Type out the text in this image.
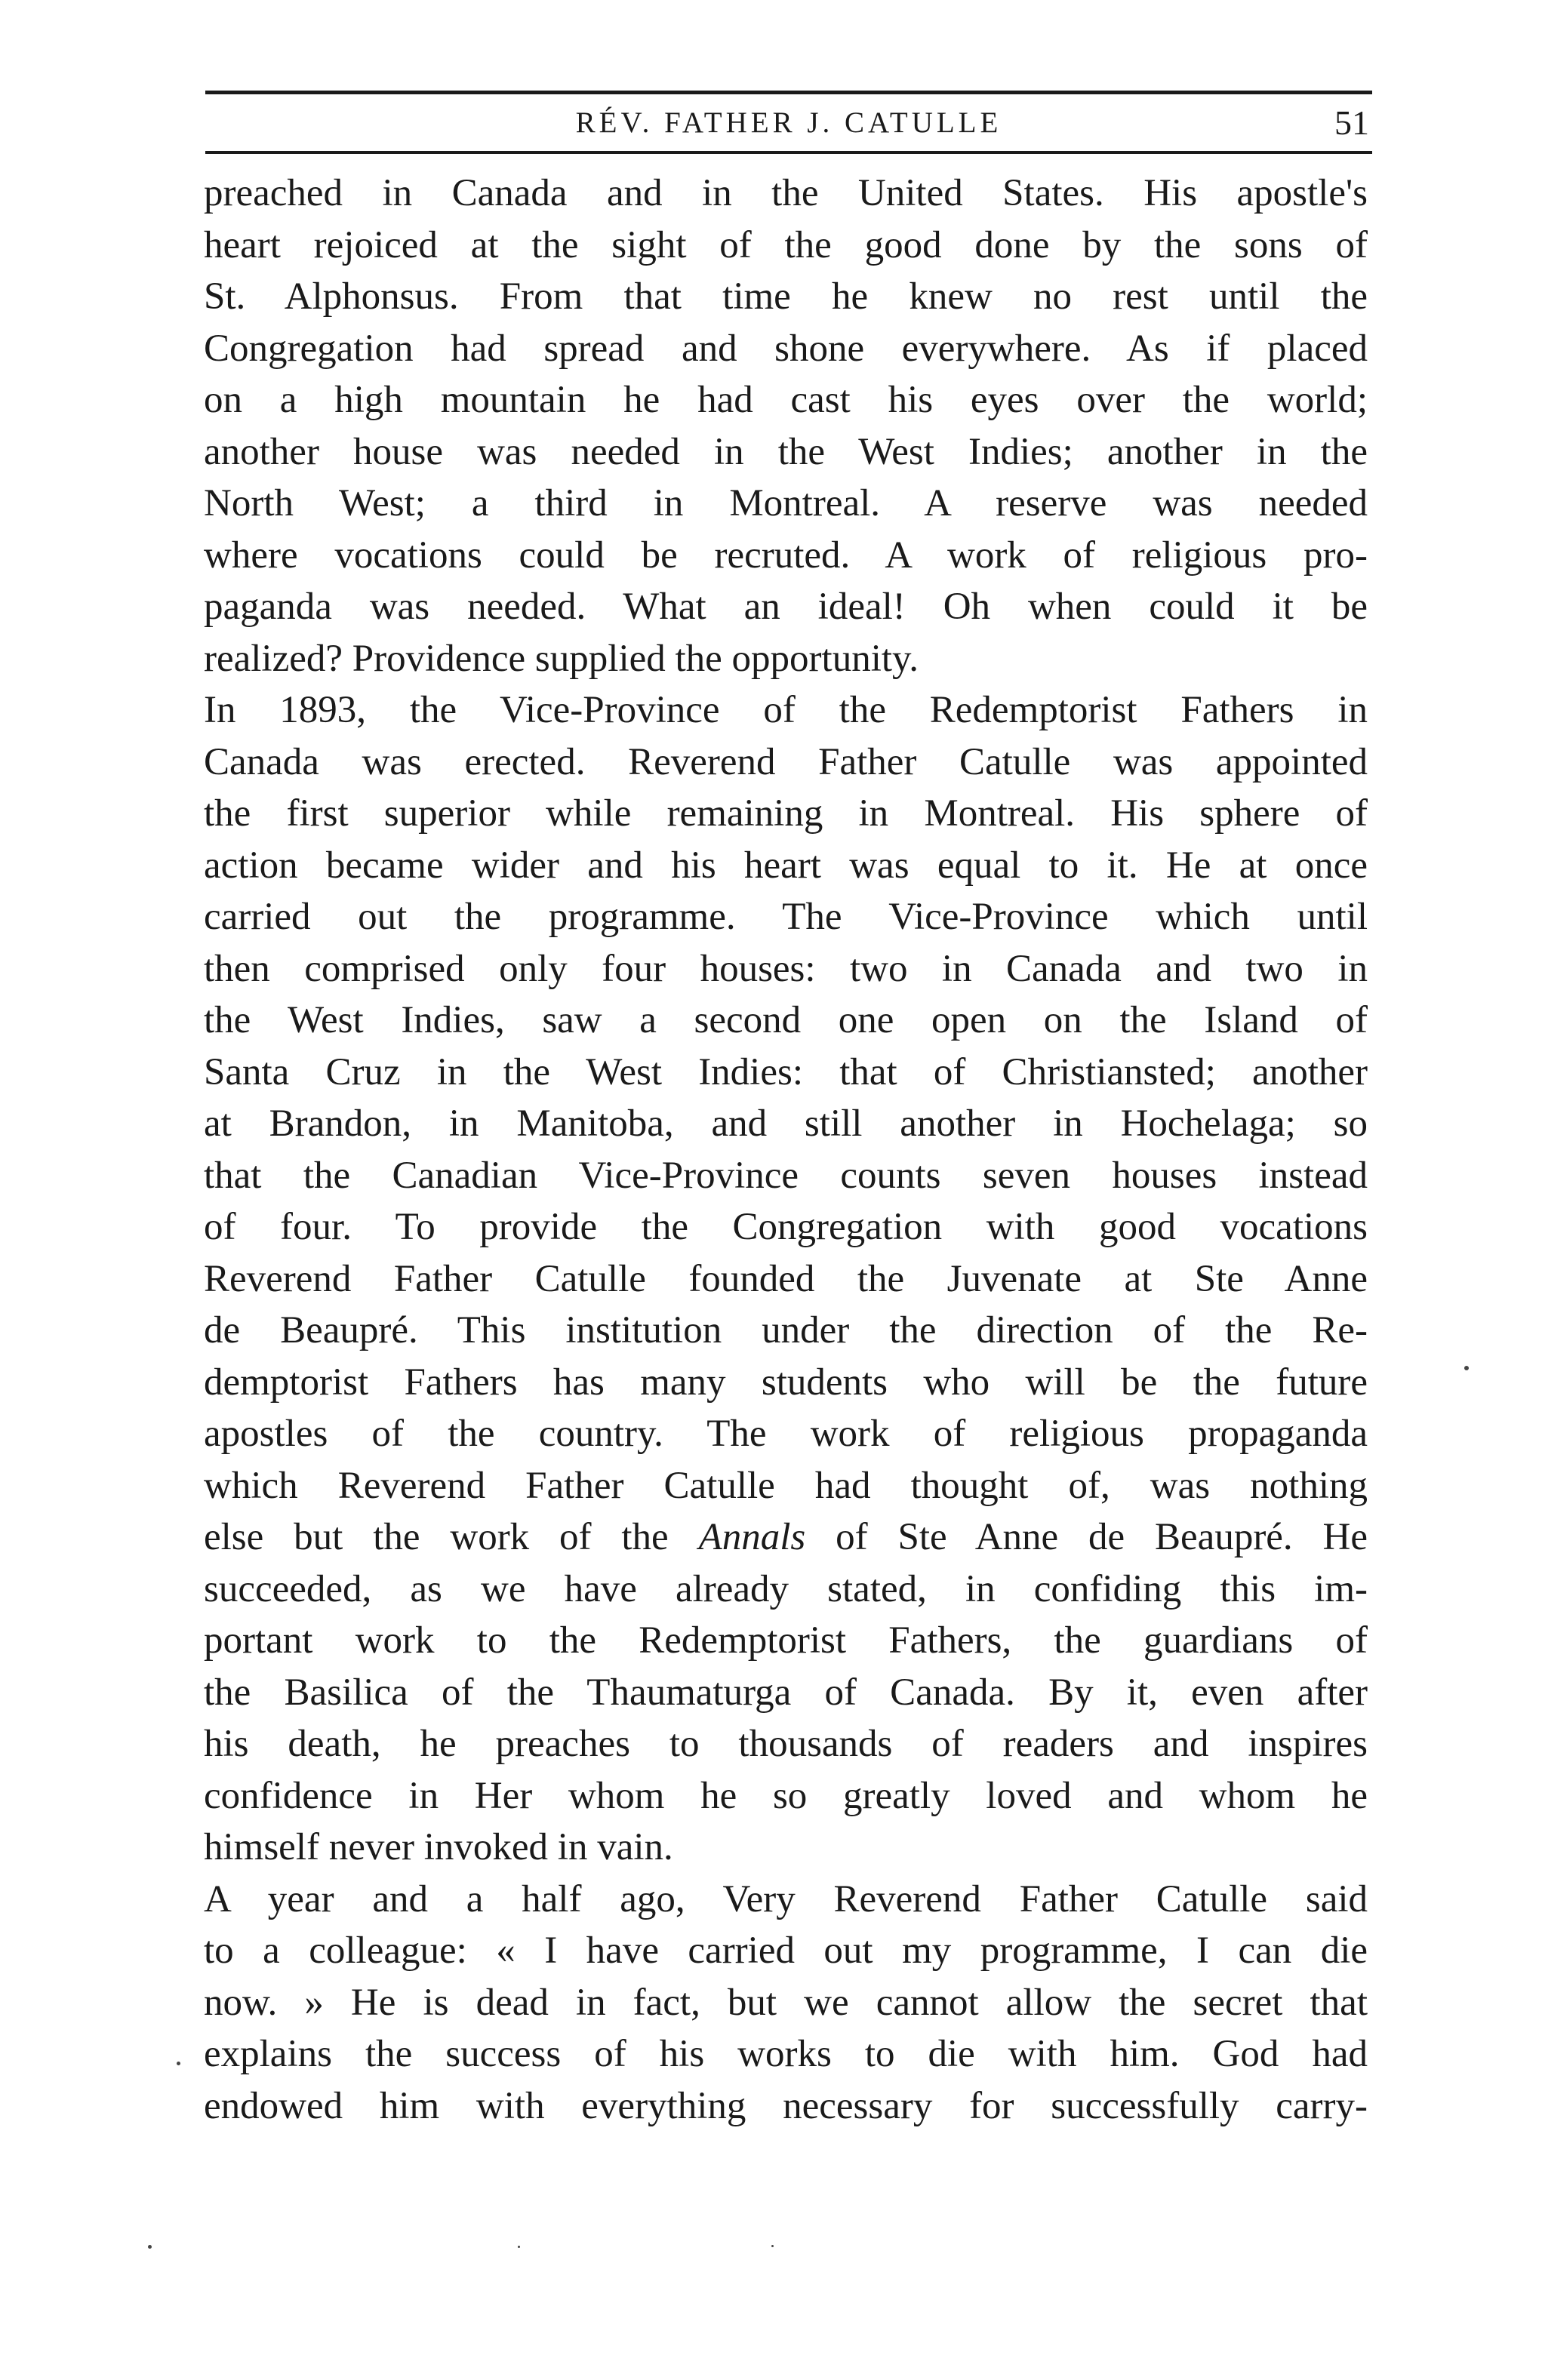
RÉV. FATHER J. CATULLE	51
preached in Canada and in the United States. His apostle's
heart rejoiced at the sight of the good done by the sons of
St. Alphonsus. From that time he knew no rest until the
Congregation had spread and shone everywhere. As if placed
on a high mountain he had cast his eyes over the world;
another house was needed in the West Indies; another in the
North West; a third in Montreal. A reserve was needed
where vocations could be recruted. A work of religious pro-
paganda was needed. What an ideal! Oh when could it be
realized? Providence supplied the opportunity.
In 1893, the Vice-Province of the Redemptorist Fathers in
Canada was erected. Reverend Father Catulle was appointed
the first superior while remaining in Montreal. His sphere of
action became wider and his heart was equal to it. He at once
carried out the programme. The Vice-Province which until
then comprised only four houses: two in Canada and two in
the West Indies, saw a second one open on the Island of
Santa Cruz in the West Indies: that of Christiansted; another
at Brandon, in Manitoba, and still another in Hochelaga; so
that the Canadian Vice-Province counts seven houses instead
of four. To provide the Congregation with good vocations
Reverend Father Catulle founded the Juvenate at Ste Anne
de Beaupré. This institution under the direction of the Re-
demptorist Fathers has many students who will be the future
apostles of the country. The work of religious propaganda
which Reverend Father Catulle had thought of, was nothing
else but the work of the Annals of Ste Anne de Beaupré. He
succeeded, as we have already stated, in confiding this im-
portant work to the Redemptorist Fathers, the guardians of
the Basilica of the Thaumaturga of Canada. By it, even after
his death, he preaches to thousands of readers and inspires
confidence in Her whom he so greatly loved and whom he
himself never invoked in vain.
A year and a half ago, Very Reverend Father Catulle said
to a colleague: « I have carried out my programme, I can die
now. » He is dead in fact, but we cannot allow the secret that
explains the success of his works to die with him. God had
endowed him with everything necessary for successfully carry-
